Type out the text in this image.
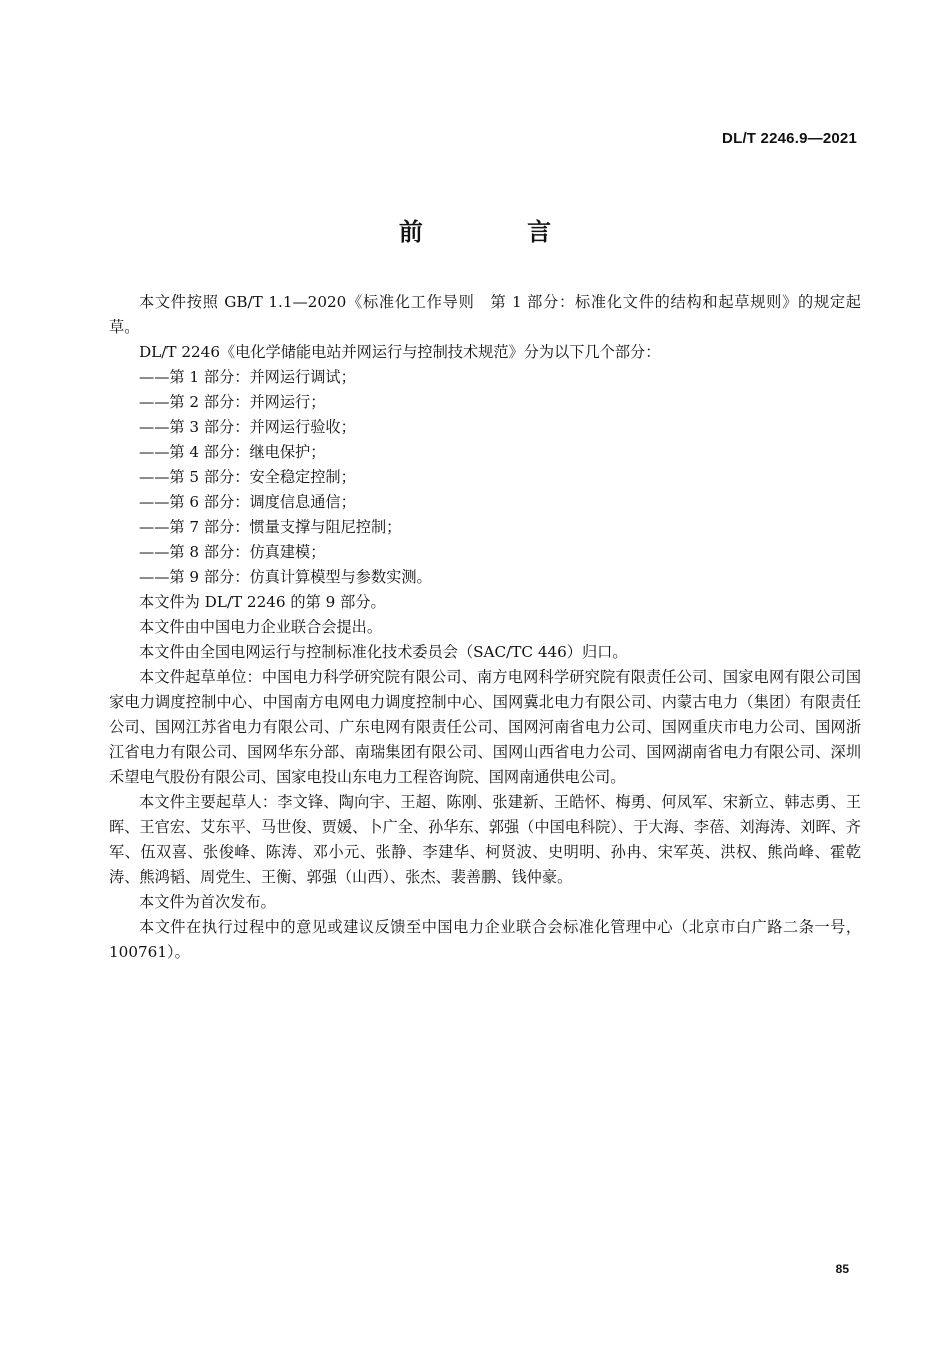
DL/T 2246.9—2021
前 言

本文件按照 GB/T 1.1—2020《标准化工作导则　第 1 部分：标准化文件的结构和起草规则》的规定起草。

DL/T 2246《电化学储能电站并网运行与控制技术规范》分为以下几个部分：

——第 1 部分：并网运行调试；

——第 2 部分：并网运行；

——第 3 部分：并网运行验收；

——第 4 部分：继电保护；

——第 5 部分：安全稳定控制；

——第 6 部分：调度信息通信；

——第 7 部分：惯量支撑与阻尼控制；

——第 8 部分：仿真建模；

——第 9 部分：仿真计算模型与参数实测。

本文件为 DL/T 2246 的第 9 部分。

本文件由中国电力企业联合会提出。

本文件由全国电网运行与控制标准化技术委员会（SAC/TC 446）归口。

本文件起草单位：中国电力科学研究院有限公司、南方电网科学研究院有限责任公司、国家电网有限公司国家电力调度控制中心、中国南方电网电力调度控制中心、国网冀北电力有限公司、内蒙古电力（集团）有限责任公司、国网江苏省电力有限公司、广东电网有限责任公司、国网河南省电力公司、国网重庆市电力公司、国网浙江省电力有限公司、国网华东分部、南瑞集团有限公司、国网山西省电力公司、国网湖南省电力有限公司、深圳禾望电气股份有限公司、国家电投山东电力工程咨询院、国网南通供电公司。

本文件主要起草人：李文锋、陶向宇、王超、陈刚、张建新、王皓怀、梅勇、何凤军、宋新立、韩志勇、王晖、王官宏、艾东平、马世俊、贾媛、卜广全、孙华东、郭强（中国电科院）、于大海、李蓓、刘海涛、刘晖、齐军、伍双喜、张俊峰、陈涛、邓小元、张静、李建华、柯贤波、史明明、孙冉、宋军英、洪权、熊尚峰、霍乾涛、熊鸿韬、周党生、王衡、郭强（山西）、张杰、裴善鹏、钱仲豪。

本文件为首次发布。

本文件在执行过程中的意见或建议反馈至中国电力企业联合会标准化管理中心（北京市白广路二条一号，100761）。

85
